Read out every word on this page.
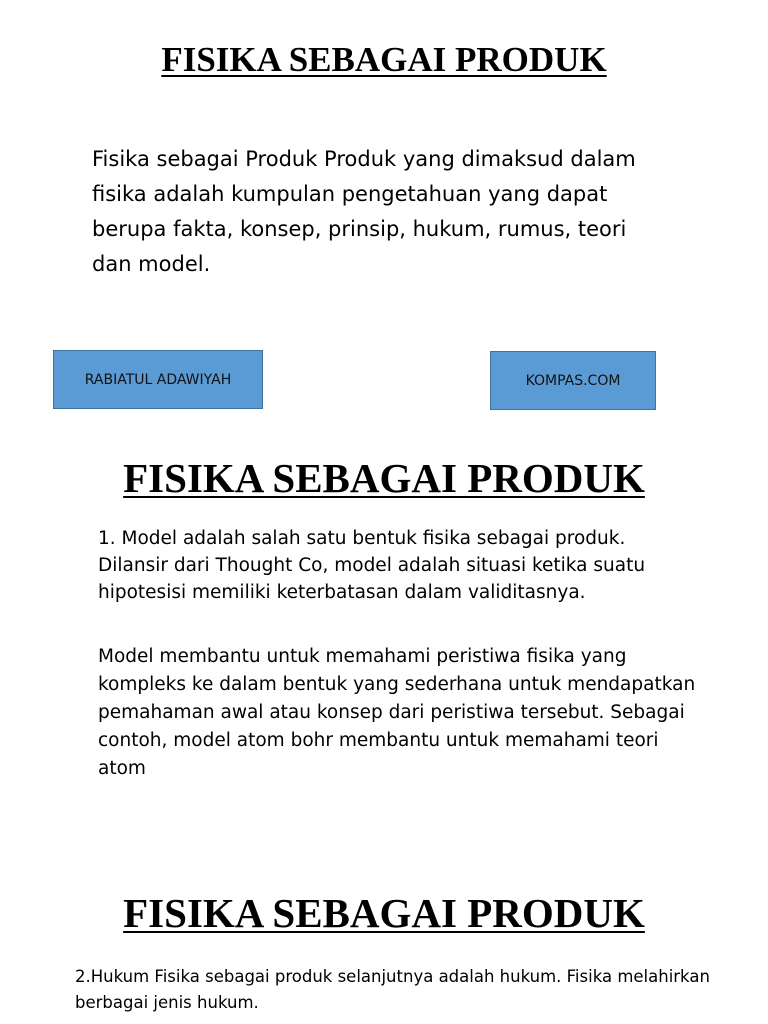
FISIKA SEBAGAI PRODUK

Fisika sebagai Produk Produk yang dimaksud dalam fisika adalah kumpulan pengetahuan yang dapat berupa fakta, konsep, prinsip, hukum, rumus, teori dan model.

RABIATUL ADAWIYAH	KOMPAS.COM
FISIKA SEBAGAI PRODUK

1. Model adalah salah satu bentuk fisika sebagai produk. Dilansir dari Thought Co, model adalah situasi ketika suatu hipotesisi memiliki keterbatasan dalam validitasnya.

Model membantu untuk memahami peristiwa fisika yang kompleks ke dalam bentuk yang sederhana untuk mendapatkan pemahaman awal atau konsep dari peristiwa tersebut. Sebagai contoh, model atom bohr membantu untuk memahami teori atom

FISIKA SEBAGAI PRODUK

2.Hukum Fisika sebagai produk selanjutnya adalah hukum. Fisika melahirkan berbagai jenis hukum.
